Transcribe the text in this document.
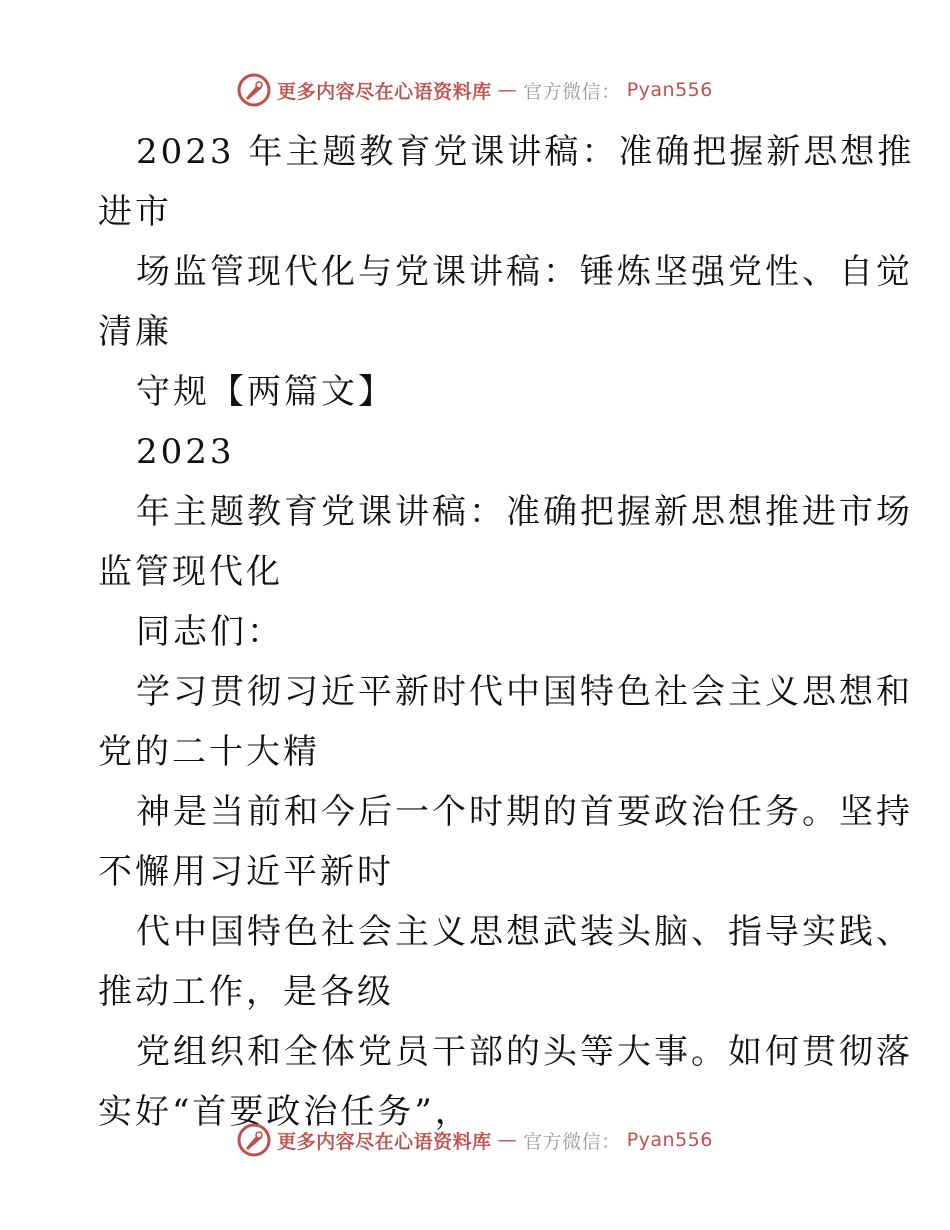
更多内容尽在心语资料库 — 官方微信： Pyan556
2023 年主题教育党课讲稿：准确把握新思想推
进市
场监管现代化与党课讲稿：锤炼坚强党性、自觉
清廉
守规【两篇文】
2023
年主题教育党课讲稿：准确把握新思想推进市场
监管现代化
同志们：
学习贯彻习近平新时代中国特色社会主义思想和
党的二十大精
神是当前和今后一个时期的首要政治任务。坚持
不懈用习近平新时
代中国特色社会主义思想武装头脑、指导实践、
推动工作，是各级
党组织和全体党员干部的头等大事。如何贯彻落
实好“首要政治任务”，
更多内容尽在心语资料库 — 官方微信： Pyan556
